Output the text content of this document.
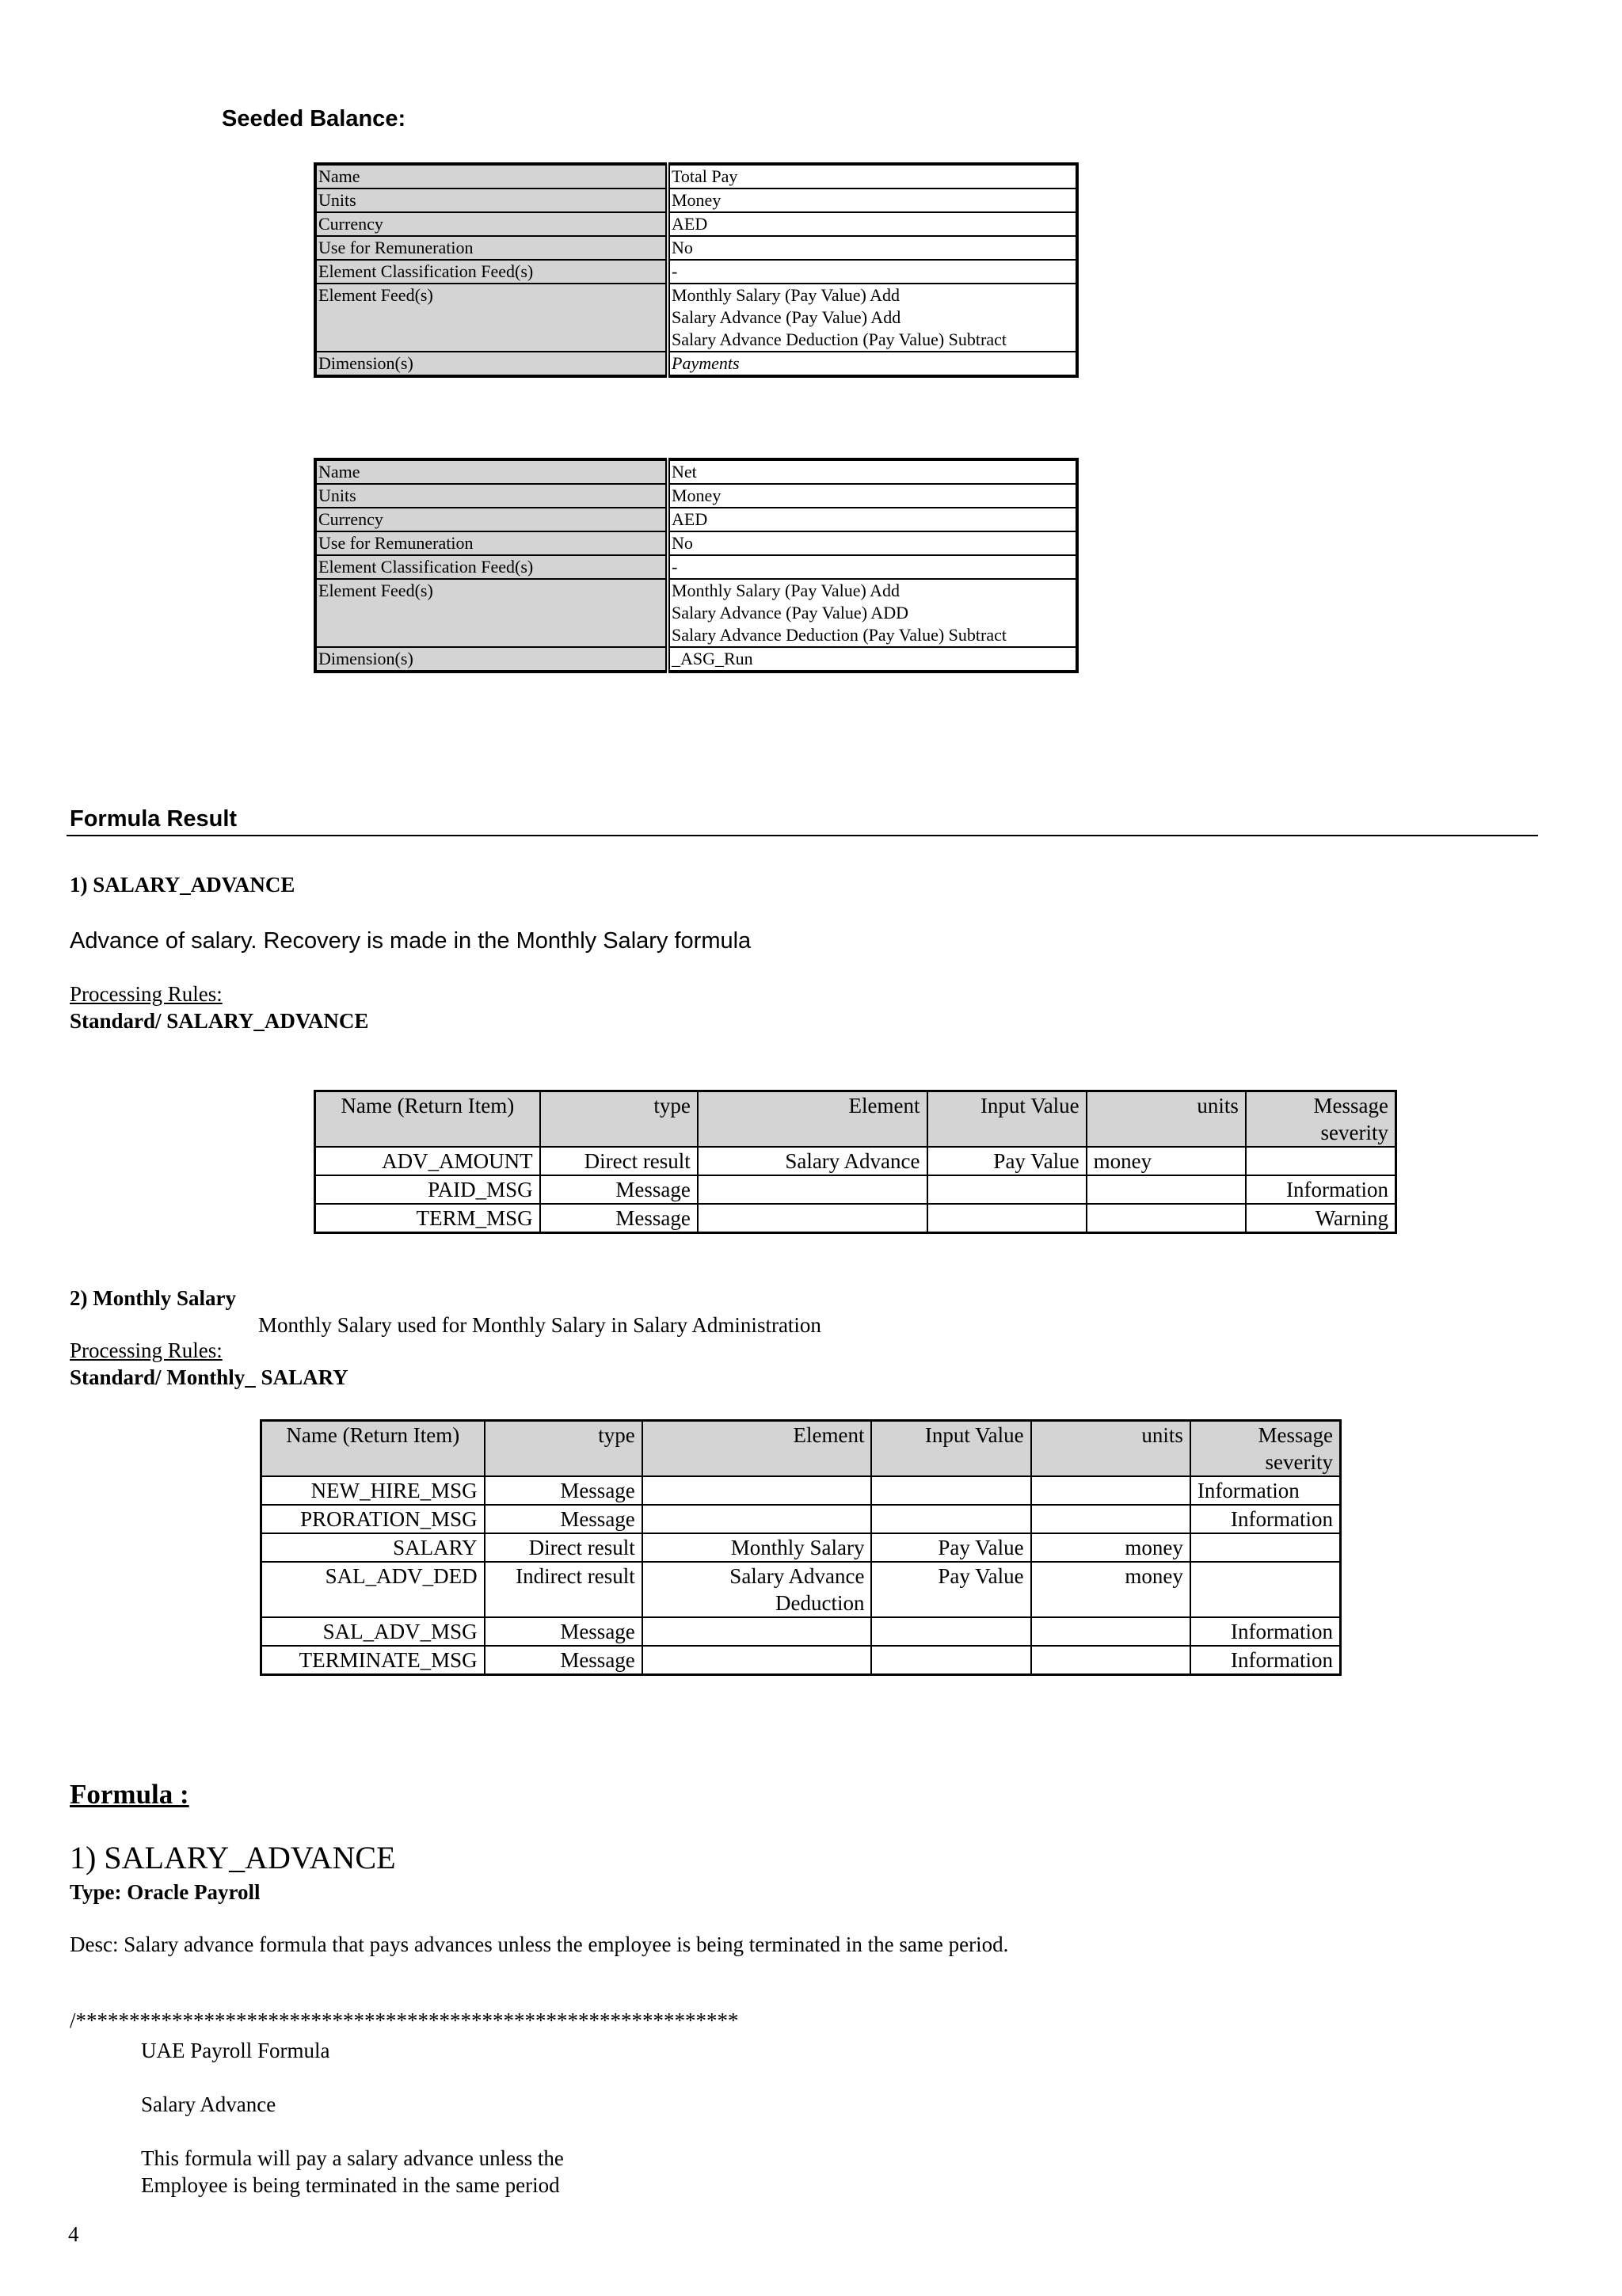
Seeded Balance:
Name	Total Pay

Units	Money

Currency	AED

Use for Remuneration	No

Element Classification Feed(s)	-

Element Feed(s)	Monthly Salary (Pay Value) Add
Salary Advance (Pay Value) Add
Salary Advance Deduction (Pay Value) Subtract

Dimension(s)	Payments
Name	Net

Units	Money

Currency	AED

Use for Remuneration	No

Element Classification Feed(s)	-

Element Feed(s)	Monthly Salary (Pay Value) Add
Salary Advance (Pay Value) ADD
Salary Advance Deduction (Pay Value) Subtract

Dimension(s)	_ASG_Run
Formula Result
1) SALARY_ADVANCE
Advance of salary. Recovery is made in the Monthly Salary formula
Processing Rules:
Standard/ SALARY_ADVANCE
Name (Return Item)	type	Element	Input Value	units	Message severity
ADV_AMOUNT	Direct result	Salary Advance	Pay Value	money	
PAID_MSG	Message				Information
TERM_MSG	Message				Warning
2) Monthly Salary
Monthly Salary used for Monthly Salary in Salary Administration
Processing Rules:
Standard/ Monthly_ SALARY
Name (Return Item)	type	Element	Input Value	units	Message severity
NEW_HIRE_MSG	Message				Information
PRORATION_MSG	Message				Information
SALARY	Direct result	Monthly Salary	Pay Value	money	
SAL_ADV_DED	Indirect result	Salary Advance Deduction	Pay Value	money	
SAL_ADV_MSG	Message				Information
TERMINATE_MSG	Message				Information
Formula :
1) SALARY_ADVANCE
Type: Oracle Payroll
Desc: Salary advance formula that pays advances unless the employee is being terminated in the same period.
/**************************************************************
UAE Payroll Formula
Salary Advance
This formula will pay a salary advance unless the
Employee is being terminated in the same period
4
